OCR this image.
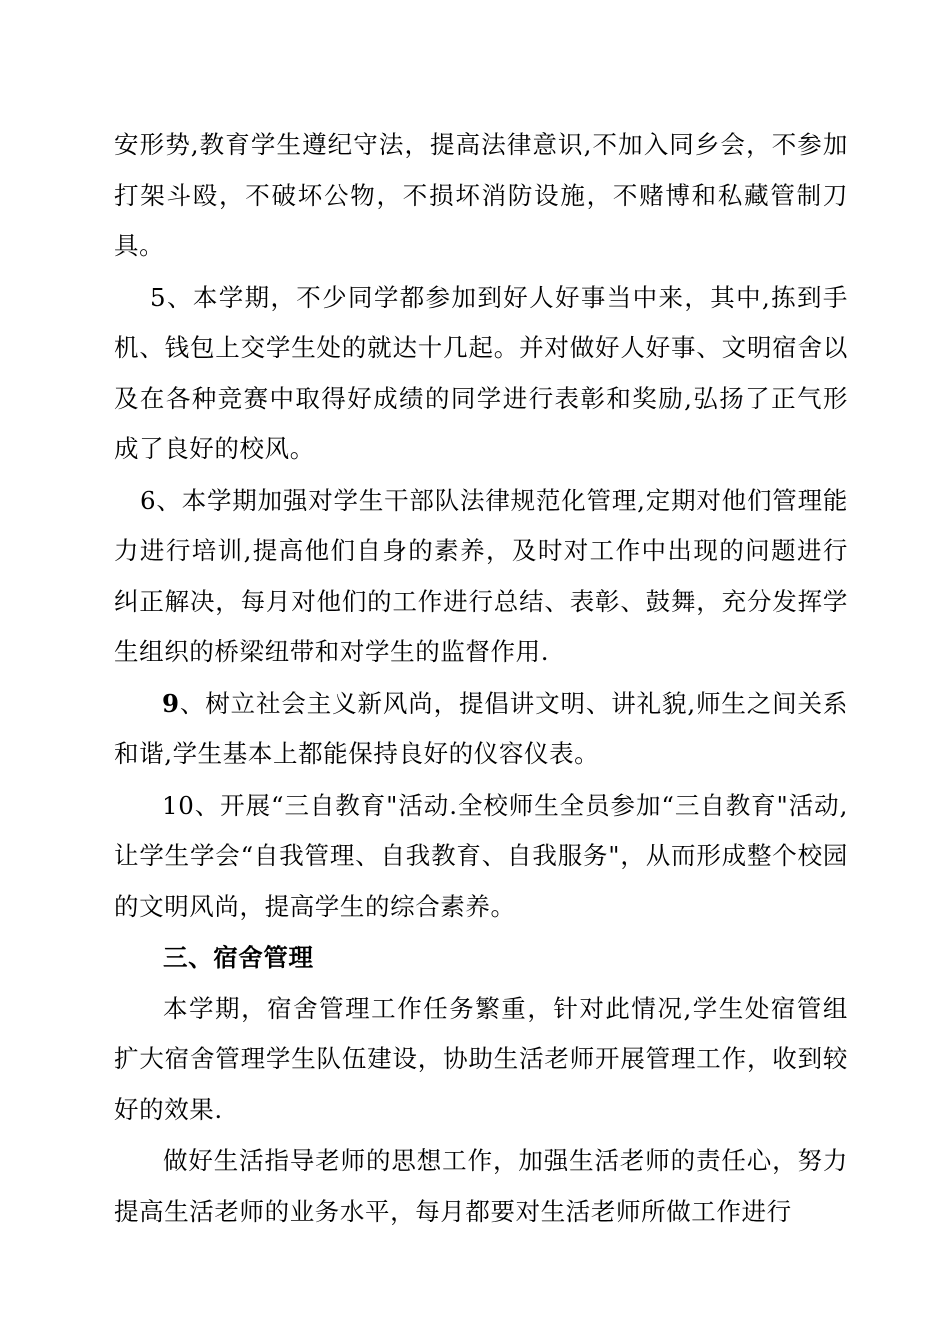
安形势,教育学生遵纪守法，提高法律意识,不加入同乡会，不参加打架斗殴，不破坏公物，不损坏消防设施，不赌博和私藏管制刀具。

5、本学期，不少同学都参加到好人好事当中来，其中,拣到手机、钱包上交学生处的就达十几起。并对做好人好事、文明宿舍以及在各种竞赛中取得好成绩的同学进行表彰和奖励,弘扬了正气形成了良好的校风。

6、本学期加强对学生干部队法律规范化管理,定期对他们管理能力进行培训,提高他们自身的素养，及时对工作中出现的问题进行纠正解决，每月对他们的工作进行总结、表彰、鼓舞，充分发挥学生组织的桥梁纽带和对学生的监督作用.

9、树立社会主义新风尚，提倡讲文明、讲礼貌,师生之间关系和谐,学生基本上都能保持良好的仪容仪表。

10、开展“三自教育"活动.全校师生全员参加“三自教育"活动,让学生学会“自我管理、自我教育、自我服务"，从而形成整个校园的文明风尚，提高学生的综合素养。

三、宿舍管理

本学期，宿舍管理工作任务繁重，针对此情况,学生处宿管组扩大宿舍管理学生队伍建设，协助生活老师开展管理工作，收到较好的效果.

做好生活指导老师的思想工作，加强生活老师的责任心，努力提高生活老师的业务水平，每月都要对生活老师所做工作进行
